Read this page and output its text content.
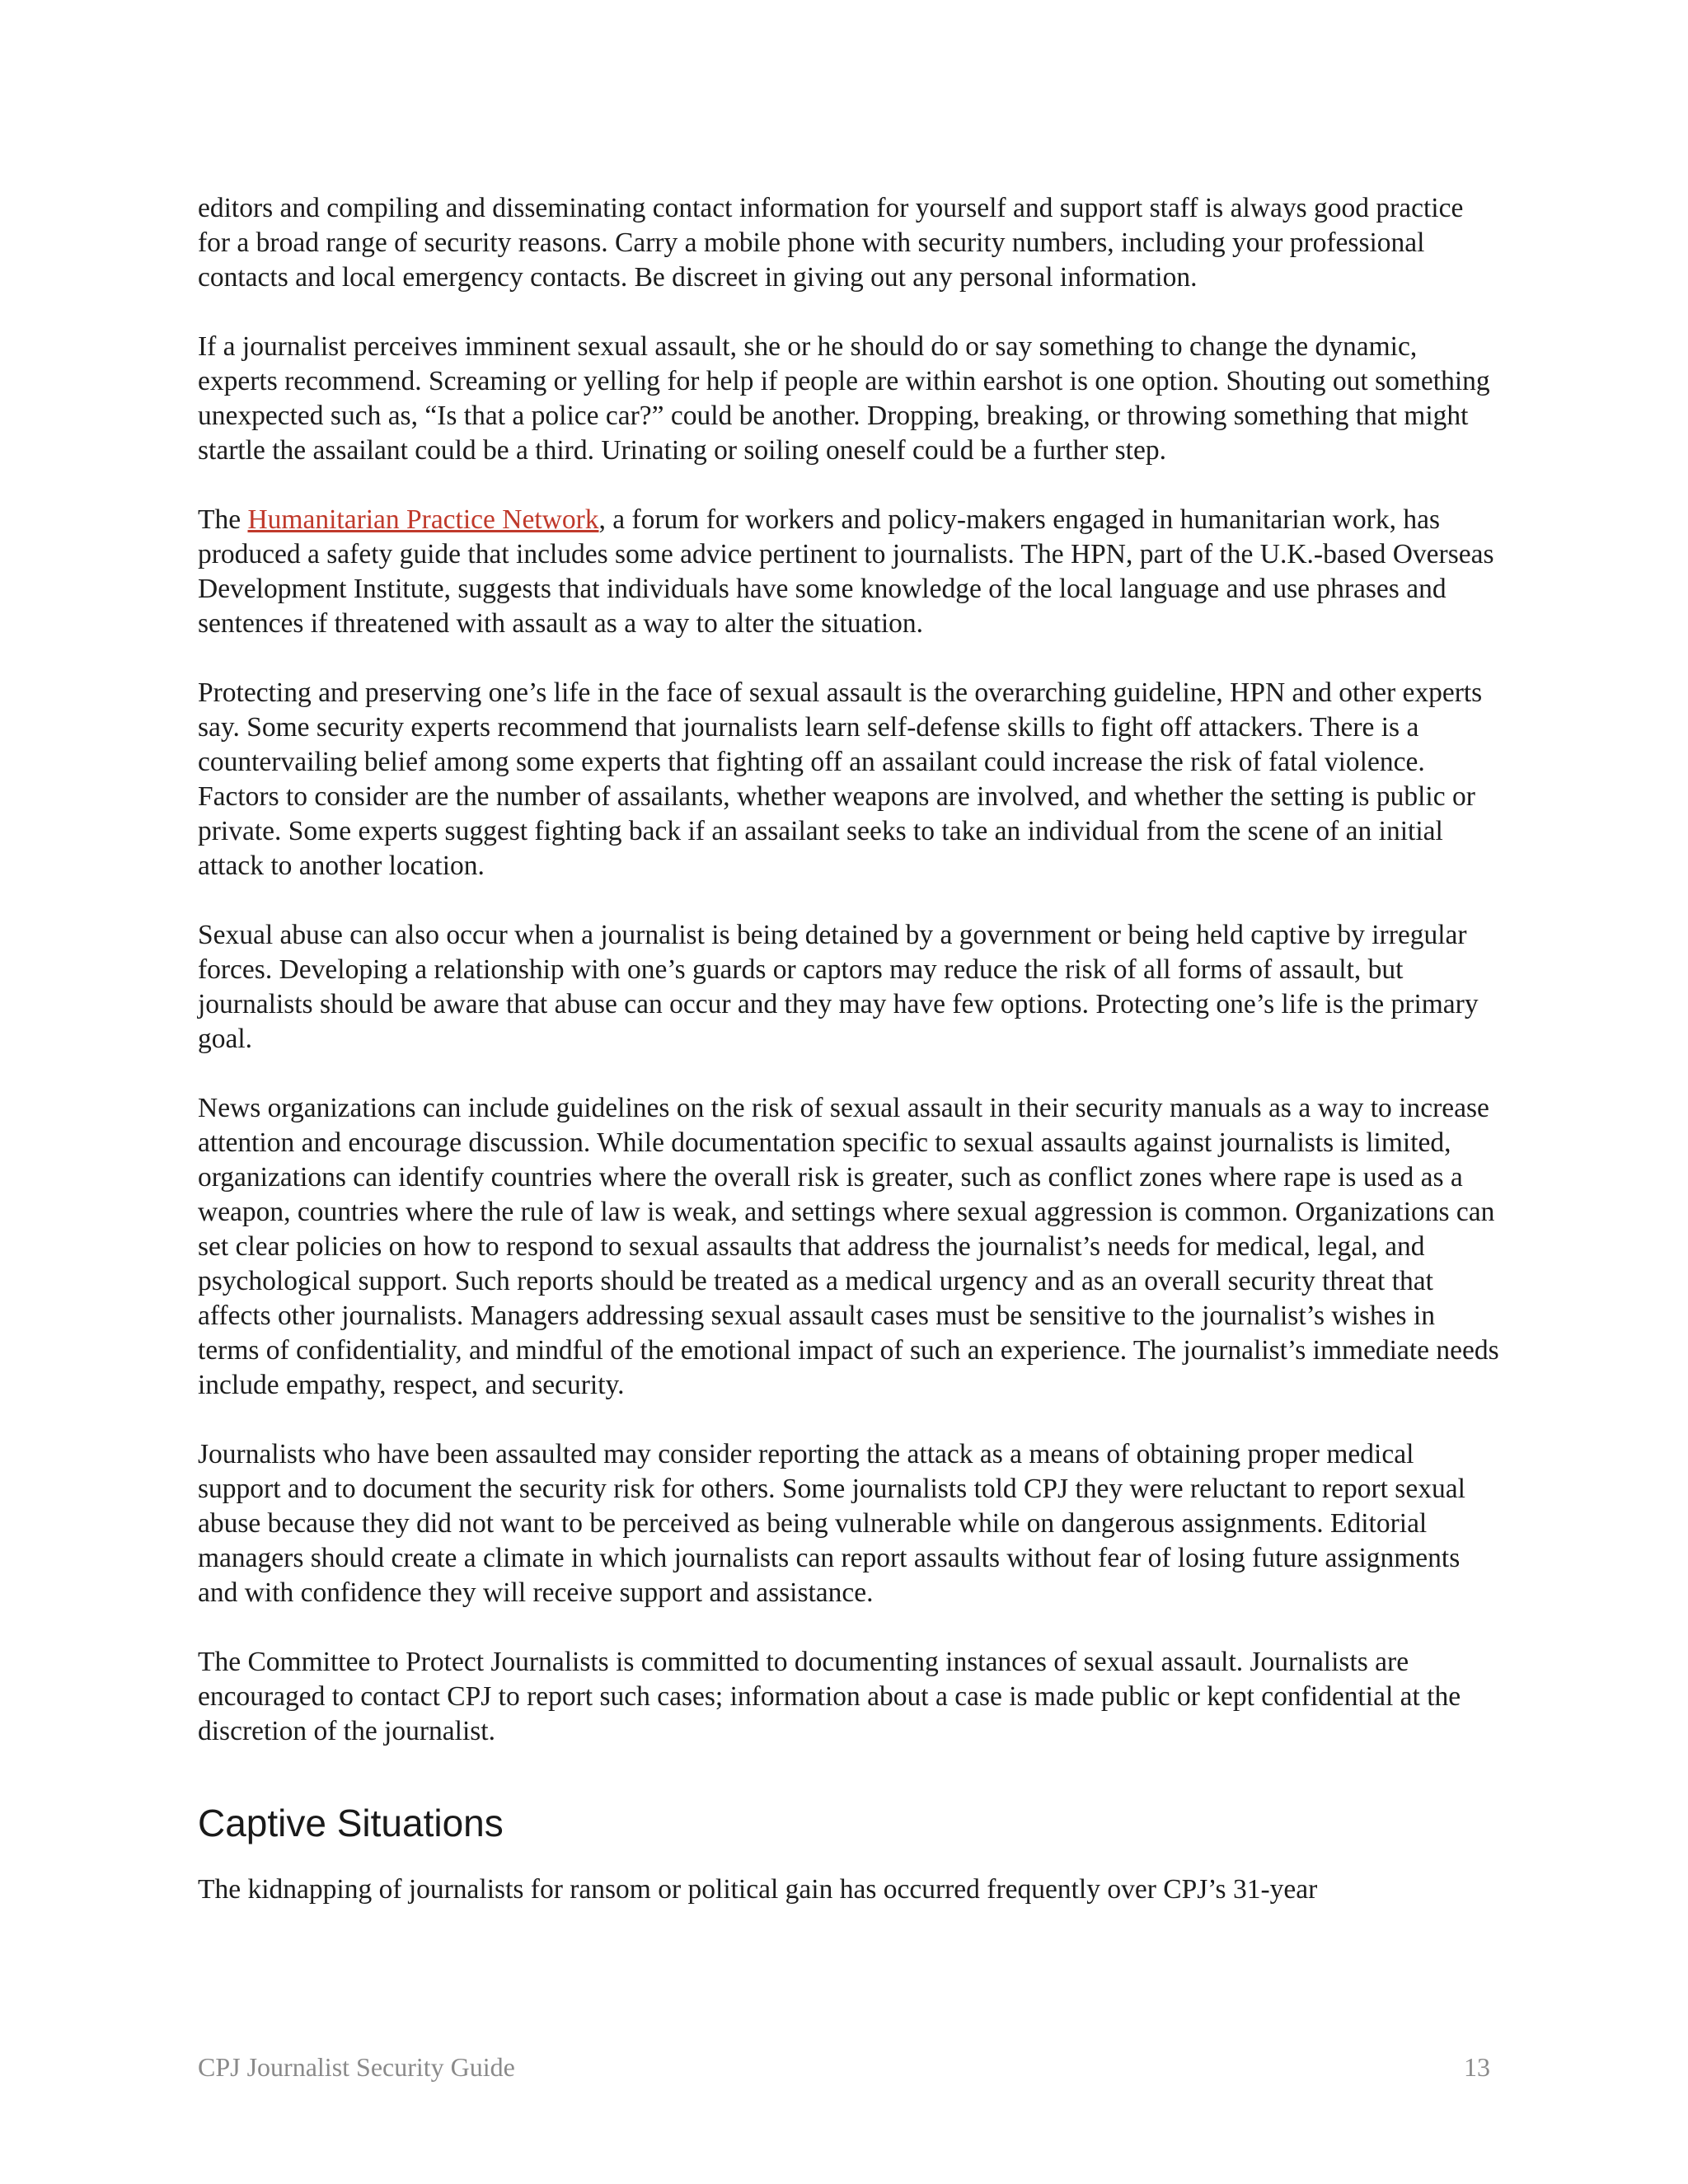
editors and compiling and disseminating contact information for yourself and support staff is always good practice for a broad range of security reasons. Carry a mobile phone with security numbers, including your professional contacts and local emergency contacts. Be discreet in giving out any personal information.

If a journalist perceives imminent sexual assault, she or he should do or say something to change the dynamic, experts recommend. Screaming or yelling for help if people are within earshot is one option. Shouting out something unexpected such as, “Is that a police car?” could be another. Dropping, breaking, or throwing something that might startle the assailant could be a third. Urinating or soiling oneself could be a further step.

The Humanitarian Practice Network, a forum for workers and policy-makers engaged in humanitarian work, has produced a safety guide that includes some advice pertinent to journalists. The HPN, part of the U.K.-based Overseas Development Institute, suggests that individuals have some knowledge of the local language and use phrases and sentences if threatened with assault as a way to alter the situation.

Protecting and preserving one’s life in the face of sexual assault is the overarching guideline, HPN and other experts say. Some security experts recommend that journalists learn self-defense skills to fight off attackers. There is a countervailing belief among some experts that fighting off an assailant could increase the risk of fatal violence. Factors to consider are the number of assailants, whether weapons are involved, and whether the setting is public or private. Some experts suggest fighting back if an assailant seeks to take an individual from the scene of an initial attack to another location.

Sexual abuse can also occur when a journalist is being detained by a government or being held captive by irregular forces. Developing a relationship with one’s guards or captors may reduce the risk of all forms of assault, but journalists should be aware that abuse can occur and they may have few options. Protecting one’s life is the primary goal.

News organizations can include guidelines on the risk of sexual assault in their security manuals as a way to increase attention and encourage discussion. While documentation specific to sexual assaults against journalists is limited, organizations can identify countries where the overall risk is greater, such as conflict zones where rape is used as a weapon, countries where the rule of law is weak, and settings where sexual aggression is common. Organizations can set clear policies on how to respond to sexual assaults that address the journalist’s needs for medical, legal, and psychological support. Such reports should be treated as a medical urgency and as an overall security threat that affects other journalists. Managers addressing sexual assault cases must be sensitive to the journalist’s wishes in terms of confidentiality, and mindful of the emotional impact of such an experience. The journalist’s immediate needs include empathy, respect, and security.

Journalists who have been assaulted may consider reporting the attack as a means of obtaining proper medical support and to document the security risk for others. Some journalists told CPJ they were reluctant to report sexual abuse because they did not want to be perceived as being vulnerable while on dangerous assignments. Editorial managers should create a climate in which journalists can report assaults without fear of losing future assignments and with confidence they will receive support and assistance.

The Committee to Protect Journalists is committed to documenting instances of sexual assault. Journalists are encouraged to contact CPJ to report such cases; information about a case is made public or kept confidential at the discretion of the journalist.

Captive Situations

The kidnapping of journalists for ransom or political gain has occurred frequently over CPJ’s 31-year

CPJ Journalist Security Guide	13
